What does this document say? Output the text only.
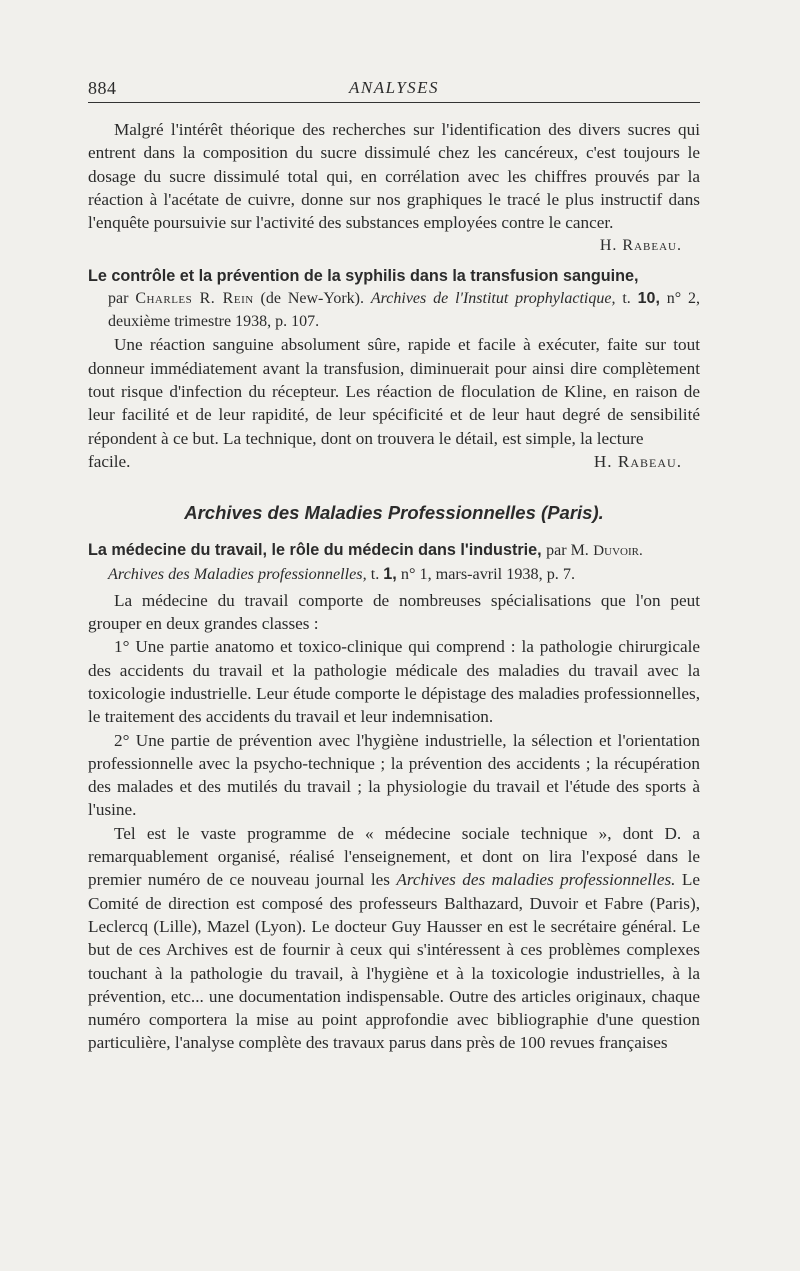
884	ANALYSES

Malgré l'intérêt théorique des recherches sur l'identification des divers sucres qui entrent dans la composition du sucre dissimulé chez les cancéreux, c'est toujours le dosage du sucre dissimulé total qui, en corrélation avec les chiffres prouvés par la réaction à l'acétate de cuivre, donne sur nos graphiques le tracé le plus instructif dans l'enquête poursuivie sur l'activité des substances employées contre le cancer.

H. Rabeau.
Le contrôle et la prévention de la syphilis dans la transfusion sanguine,
par Charles R. Rein (de New-York). Archives de l'Institut prophylactique, t. 10, n° 2, deuxième trimestre 1938, p. 107.

Une réaction sanguine absolument sûre, rapide et facile à exécuter, faite sur tout donneur immédiatement avant la transfusion, diminuerait pour ainsi dire complètement tout risque d'infection du récepteur. Les réaction de floculation de Kline, en raison de leur facilité et de leur rapidité, de leur spécificité et de leur haut degré de sensibilité répondent à ce but. La technique, dont on trouvera le détail, est simple, la lecture

facile.	H. Rabeau.
Archives des Maladies Professionnelles (Paris).
La médecine du travail, le rôle du médecin dans l'industrie, par M. Duvoir.
Archives des Maladies professionnelles, t. 1, n° 1, mars-avril 1938, p. 7.

La médecine du travail comporte de nombreuses spécialisations que l'on peut grouper en deux grandes classes :

1° Une partie anatomo et toxico-clinique qui comprend : la pathologie chirurgicale des accidents du travail et la pathologie médicale des maladies du travail avec la toxicologie industrielle. Leur étude comporte le dépistage des maladies professionnelles, le traitement des accidents du travail et leur indemnisation.

2° Une partie de prévention avec l'hygiène industrielle, la sélection et l'orientation professionnelle avec la psycho-technique ; la prévention des accidents ; la récupération des malades et des mutilés du travail ; la physiologie du travail et l'étude des sports à l'usine.

Tel est le vaste programme de « médecine sociale technique », dont D. a remarquablement organisé, réalisé l'enseignement, et dont on lira l'exposé dans le premier numéro de ce nouveau journal les Archives des maladies professionnelles. Le Comité de direction est composé des professeurs Balthazard, Duvoir et Fabre (Paris), Leclercq (Lille), Mazel (Lyon). Le docteur Guy Hausser en est le secrétaire général. Le but de ces Archives est de fournir à ceux qui s'intéressent à ces problèmes complexes touchant à la pathologie du travail, à l'hygiène et à la toxicologie industrielles, à la prévention, etc... une documentation indispensable. Outre des articles originaux, chaque numéro comportera la mise au point approfondie avec bibliographie d'une question particulière, l'analyse complète des travaux parus dans près de 100 revues françaises
